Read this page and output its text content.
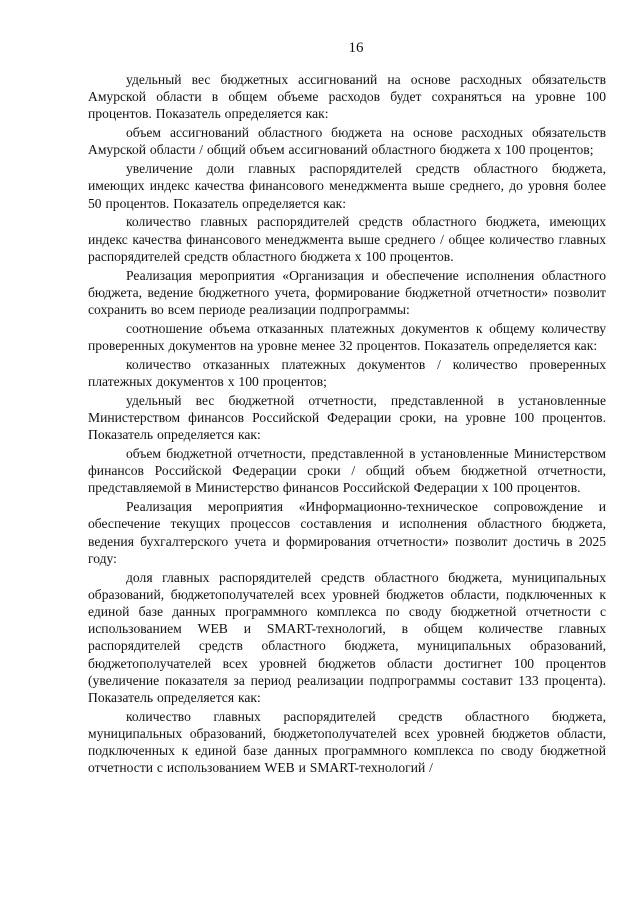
16

удельный вес бюджетных ассигнований на основе расходных обязательств Амурской области в общем объеме расходов будет сохраняться на уровне 100 процентов. Показатель определяется как:

объем ассигнований областного бюджета на основе расходных обязательств Амурской области / общий объем ассигнований областного бюджета х 100 процентов;

увеличение доли главных распорядителей средств областного бюджета, имеющих индекс качества финансового менеджмента выше среднего, до уровня более 50 процентов. Показатель определяется как:

количество главных распорядителей средств областного бюджета, имеющих индекс качества финансового менеджмента выше среднего / общее количество главных распорядителей средств областного бюджета х 100 процентов.

Реализация мероприятия «Организация и обеспечение исполнения областного бюджета, ведение бюджетного учета, формирование бюджетной отчетности» позволит сохранить во всем периоде реализации подпрограммы:

соотношение объема отказанных платежных документов к общему количеству проверенных документов на уровне менее 32 процентов. Показатель определяется как:

количество отказанных платежных документов / количество проверенных платежных документов х 100 процентов;

удельный вес бюджетной отчетности, представленной в установленные Министерством финансов Российской Федерации сроки, на уровне 100 процентов. Показатель определяется как:

объем бюджетной отчетности, представленной в установленные Министерством финансов Российской Федерации сроки / общий объем бюджетной отчетности, представляемой в Министерство финансов Российской Федерации х 100 процентов.

Реализация мероприятия «Информационно-техническое сопровождение и обеспечение текущих процессов составления и исполнения областного бюджета, ведения бухгалтерского учета и формирования отчетности» позволит достичь в 2025 году:

доля главных распорядителей средств областного бюджета, муниципальных образований, бюджетополучателей всех уровней бюджетов области, подключенных к единой базе данных программного комплекса по своду бюджетной отчетности с использованием WEB и SMART-технологий, в общем количестве главных распорядителей средств областного бюджета, муниципальных образований, бюджетополучателей всех уровней бюджетов области достигнет 100 процентов (увеличение показателя за период реализации подпрограммы составит 133 процента). Показатель определяется как:

количество главных распорядителей средств областного бюджета, муниципальных образований, бюджетополучателей всех уровней бюджетов области, подключенных к единой базе данных программного комплекса по своду бюджетной отчетности с использованием WEB и SMART-технологий /
